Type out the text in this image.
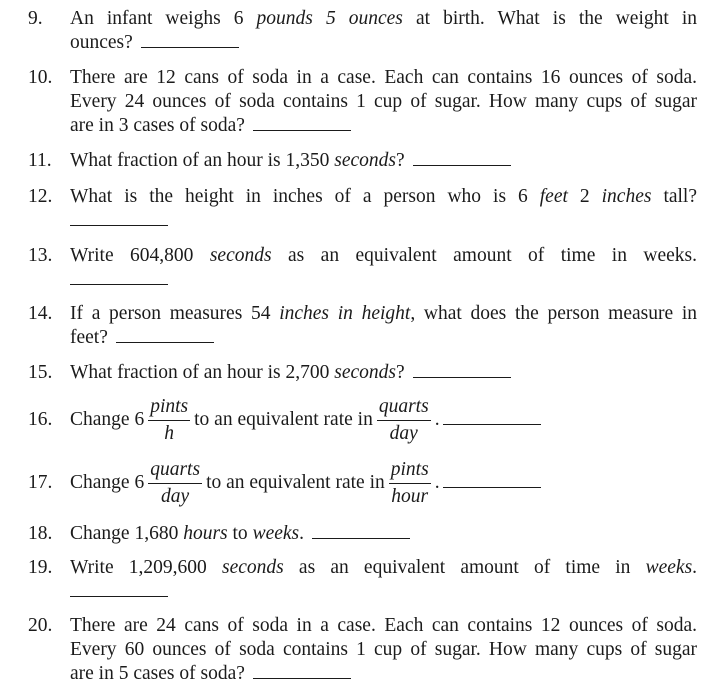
9.	An infant weighs 6 pounds 5 ounces at birth. What is the weight in
ounces?
10. There are 12 cans of soda in a case. Each can contains 16 ounces of soda.
Every 24 ounces of soda contains 1 cup of sugar. How many cups of sugar
are in 3 cases of soda?
11. What fraction of an hour is 1,350 seconds?
12. What is the height in inches of a person who is 6 feet 2 inches tall?
13. Write 604,800 seconds as an equivalent amount of time in weeks.
14. If a person measures 54 inches in height, what does the person measure in
feet?
15. What fraction of an hour is 2,700 seconds?
16. Change $6 \frac{\text{pints}}{h}$ to an equivalent rate in $\frac{\text{quarts}}{\text{day}}$ .
17. Change $6 \frac{\text{quarts}}{\text{day}}$ to an equivalent rate in $\frac{\text{pints}}{\text{hour}}$ .
18. Change 1,680 hours to weeks.
19. Write 1,209,600 seconds as an equivalent amount of time in weeks.
20. There are 24 cans of soda in a case. Each can contains 12 ounces of soda.
Every 60 ounces of soda contains 1 cup of sugar. How many cups of sugar
are in 5 cases of soda?
